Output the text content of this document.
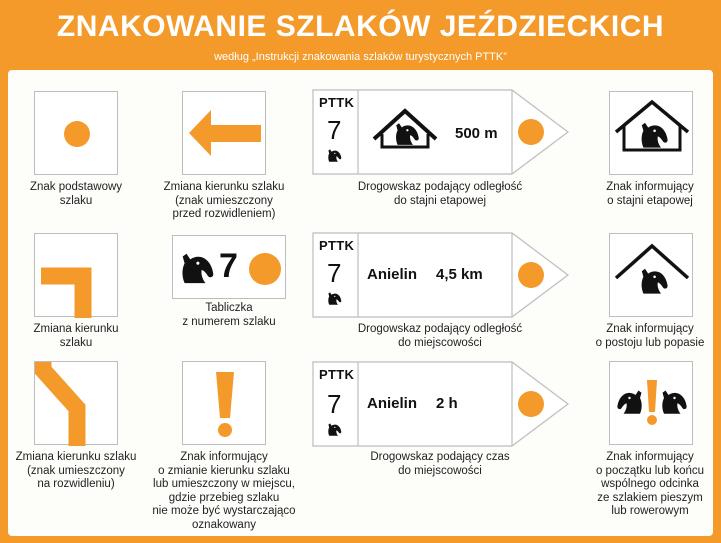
ZNAKOWANIE SZLAKÓW JEŹDZIECKICH
według „Instrukcji znakowania szlaków turystycznych PTTK”
Znak podstawowy
szlaku
Zmiana kierunku szlaku
(znak umieszczony
przed rozwidleniem)
PTTK
7	500 m
Drogowskaz podający odległość
do stajni etapowej
Znak informujący
o stajni etapowej
Zmiana kierunku
szlaku
7
Tabliczka
z numerem szlaku
PTTK
7 Anielin 4,5 km
Drogowskaz podający odległość
do miejscowości
Znak informujący
o postoju lub popasie
Zmiana kierunku szlaku
(znak umieszczony
na rozwidleniu)
Znak informujący
o zmianie kierunku szlaku
lub umieszczony w miejscu,
gdzie przebieg szlaku
nie może być wystarczająco
oznakowany
PTTK
7 Anielin 2 h
Drogowskaz podający czas
do miejscowości
Znak informujący
o początku lub końcu
wspólnego odcinka
ze szlakiem pieszym
lub rowerowym
